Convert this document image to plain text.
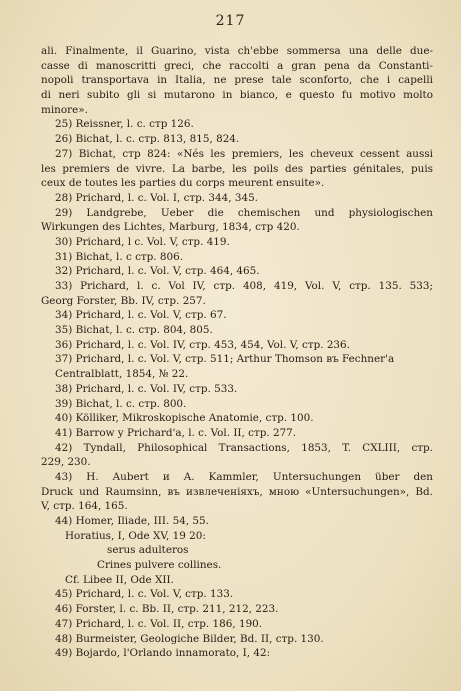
217
ali. Finalmente, il Guarino, vista ch'ebbe sommersa una delle due-
casse di manoscritti greci, che raccolti a gran pena da Constanti-
nopoli transportava in Italia, ne prese tale sconforto, che i capelli
di neri subito gli si mutarono in bianco, e questo fu motivo molto
minore».
25) Reissner, l. c. стр 126.
26) Bichat, l. c. стр. 813, 815, 824.
27) Bichat, стр 824: «Nés les premiers, les cheveux cessent aussi
les premiers de vivre. La barbe, les poils des parties génitales, puis
ceux de toutes les parties du corps meurent ensuite».
28) Prichard, l. c. Vol. I, стр. 344, 345.
29) Landgrebe, Ueber die chemischen und physiologischen
Wirkungen des Lichtes, Marburg, 1834, стр 420.
30) Prichard, l c. Vol. V, стр. 419.
31) Bichat, l. c стр. 806.
32) Prichard, l. c. Vol. V, стр. 464, 465.
33) Prichard, l. c. Vol IV, стр. 408, 419, Vol. V, стр. 135. 533;
Georg Forster, Bb. IV, стр. 257.
34) Prichard, l. c. Vol. V, стр. 67.
35) Bichat, l. c. стр. 804, 805.
36) Prichard, l. c. Vol. IV, стр. 453, 454, Vol. V, стр. 236.
37) Prichard, l. c. Vol. V, стр. 511; Arthur Thomson въ Fechner'a Centralblatt, 1854, № 22.
38) Prichard, l. c. Vol. IV, стр. 533.
39) Bichat, l. c. стр. 800.
40) Kölliker, Mikroskopische Anatomie, стр. 100.
41) Barrow y Prichard'a, l. c. Vol. II, стр. 277.
42) Tyndall, Philosophical Transactions, 1853, T. CXLIII, стр.
229, 230.
43) H. Aubert и A. Kammler, Untersuchungen über den
Druck und Raumsinn, въ извлеченіяхъ, мною «Untersuchungen», Bd.
V, стр. 164, 165.
44) Homer, Iliade, III. 54, 55.
Horatius, I, Ode XV, 19 20:
serus adulteros
Crines pulvere collines.
Cf. Libee II, Ode XII.
45) Prichard, l. c. Vol. V, стр. 133.
46) Forster, l. c. Bb. II, стр. 211, 212, 223.
47) Prichard, l. c. Vol. II, стр. 186, 190.
48) Burmeister, Geologiche Bilder, Bd. II, стр. 130.
49) Bojardo, l'Orlando innamorato, I, 42:
